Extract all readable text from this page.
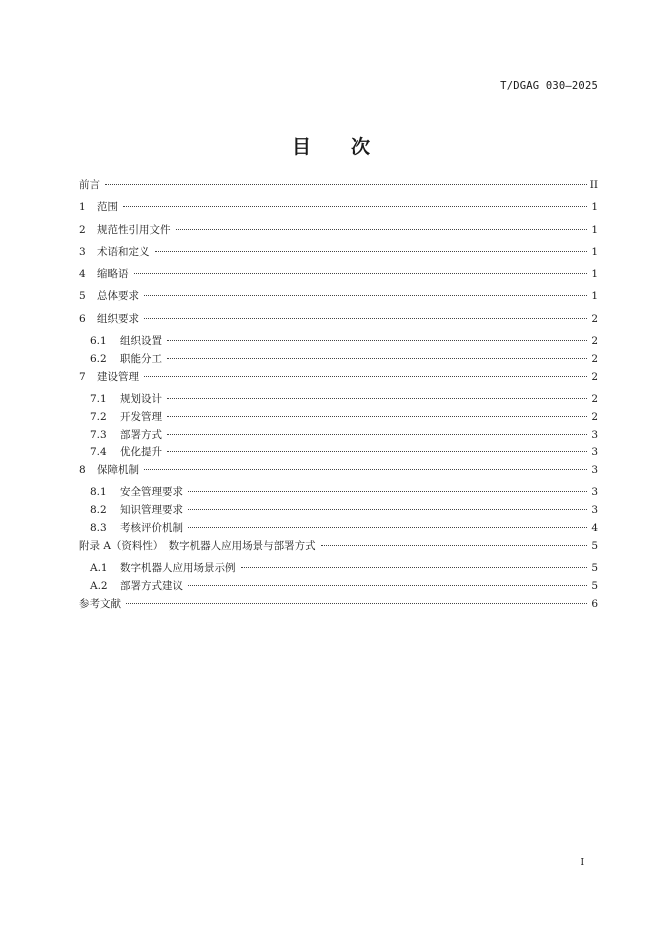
T/DGAG 030—2025
目 次
前言	II
1	范围	1
2	规范性引用文件	1
3	术语和定义	1
4	缩略语	1
5	总体要求	1
6	组织要求	2
6.1	组织设置	2
6.2	职能分工	2
7	建设管理	2
7.1	规划设计	2
7.2	开发管理	2
7.3	部署方式	3
7.4	优化提升	3
8	保障机制	3
8.1	安全管理要求	3
8.2	知识管理要求	3
8.3	考核评价机制	4
附录 A（资料性）　数字机器人应用场景与部署方式	5
A.1	数字机器人应用场景示例	5
A.2	部署方式建议	5
参考文献	6
I
